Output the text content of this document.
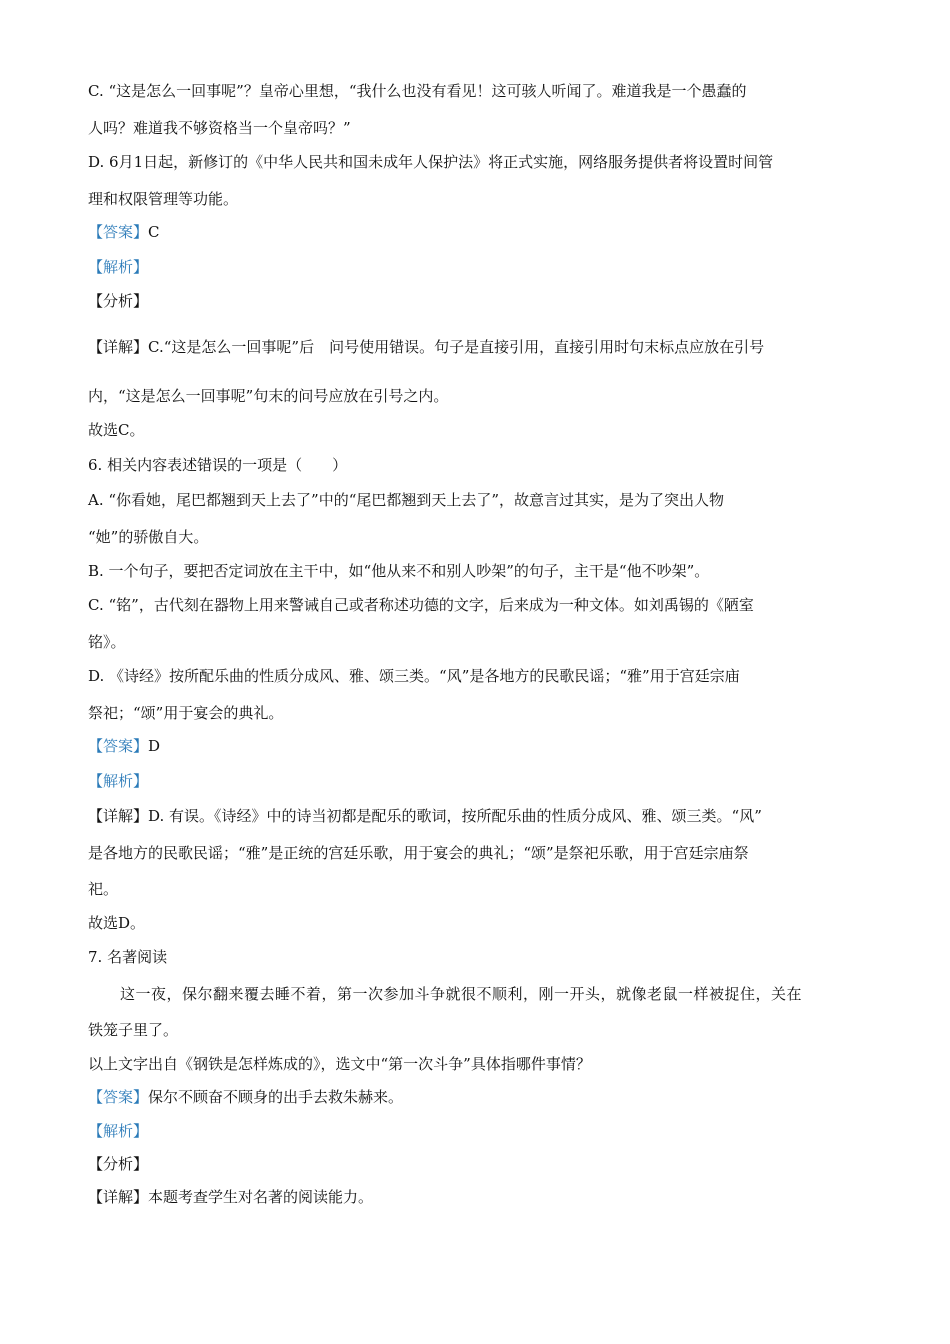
C. “这是怎么一回事呢”？皇帝心里想，“我什么也没有看见！这可骇人听闻了。难道我是一个愚蠢的
人吗？难道我不够资格当一个皇帝吗？”
D. 6月1日起，新修订的《中华人民共和国未成年人保护法》将正式实施，网络服务提供者将设置时间管
理和权限管理等功能。
【答案】C
【解析】
【分析】
【详解】C.“这是怎么一回事呢”后　问号使用错误。句子是直接引用，直接引用时句末标点应放在引号
内，“这是怎么一回事呢”句末的问号应放在引号之内。
故选C。
6. 相关内容表述错误的一项是（　　）
A. “你看她，尾巴都翘到天上去了”中的“尾巴都翘到天上去了”，故意言过其实，是为了突出人物
“她”的骄傲自大。
B. 一个句子，要把否定词放在主干中，如“他从来不和别人吵架”的句子，主干是“他不吵架”。
C. “铭”，古代刻在器物上用来警诫自己或者称述功德的文字，后来成为一种文体。如刘禹锡的《陋室
铭》。
D. 《诗经》按所配乐曲的性质分成风、雅、颂三类。“风”是各地方的民歌民谣；“雅”用于宫廷宗庙
祭祀；“颂”用于宴会的典礼。
【答案】D
【解析】
【详解】D. 有误。《诗经》中的诗当初都是配乐的歌词，按所配乐曲的性质分成风、雅、颂三类。“风”
是各地方的民歌民谣；“雅”是正统的宫廷乐歌，用于宴会的典礼；“颂”是祭祀乐歌，用于宫廷宗庙祭
祀。
故选D。
7. 名著阅读
这一夜，保尔翻来覆去睡不着，第一次参加斗争就很不顺利，刚一开头，就像老鼠一样被捉住，关在
铁笼子里了。
以上文字出自《钢铁是怎样炼成的》，选文中“第一次斗争”具体指哪件事情？
【答案】保尔不顾奋不顾身的出手去救朱赫来。
【解析】
【分析】
【详解】本题考查学生对名著的阅读能力。
